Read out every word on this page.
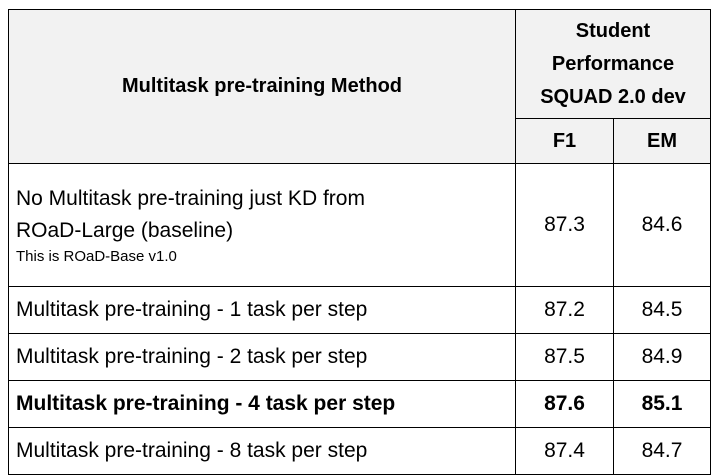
Multitask pre-training Method	Student
Performance
SQUAD 2.0 dev	

	F1	EM

No Multitask pre-training just KD from
ROaD-Large (baseline)
This is ROaD-Base v1.0	87.3	84.6
Multitask pre-training - 1 task per step	87.2	84.5
Multitask pre-training - 2 task per step	87.5	84.9
Multitask pre-training - 4 task per step	87.6	85.1
Multitask pre-training - 8 task per step	87.4	84.7
